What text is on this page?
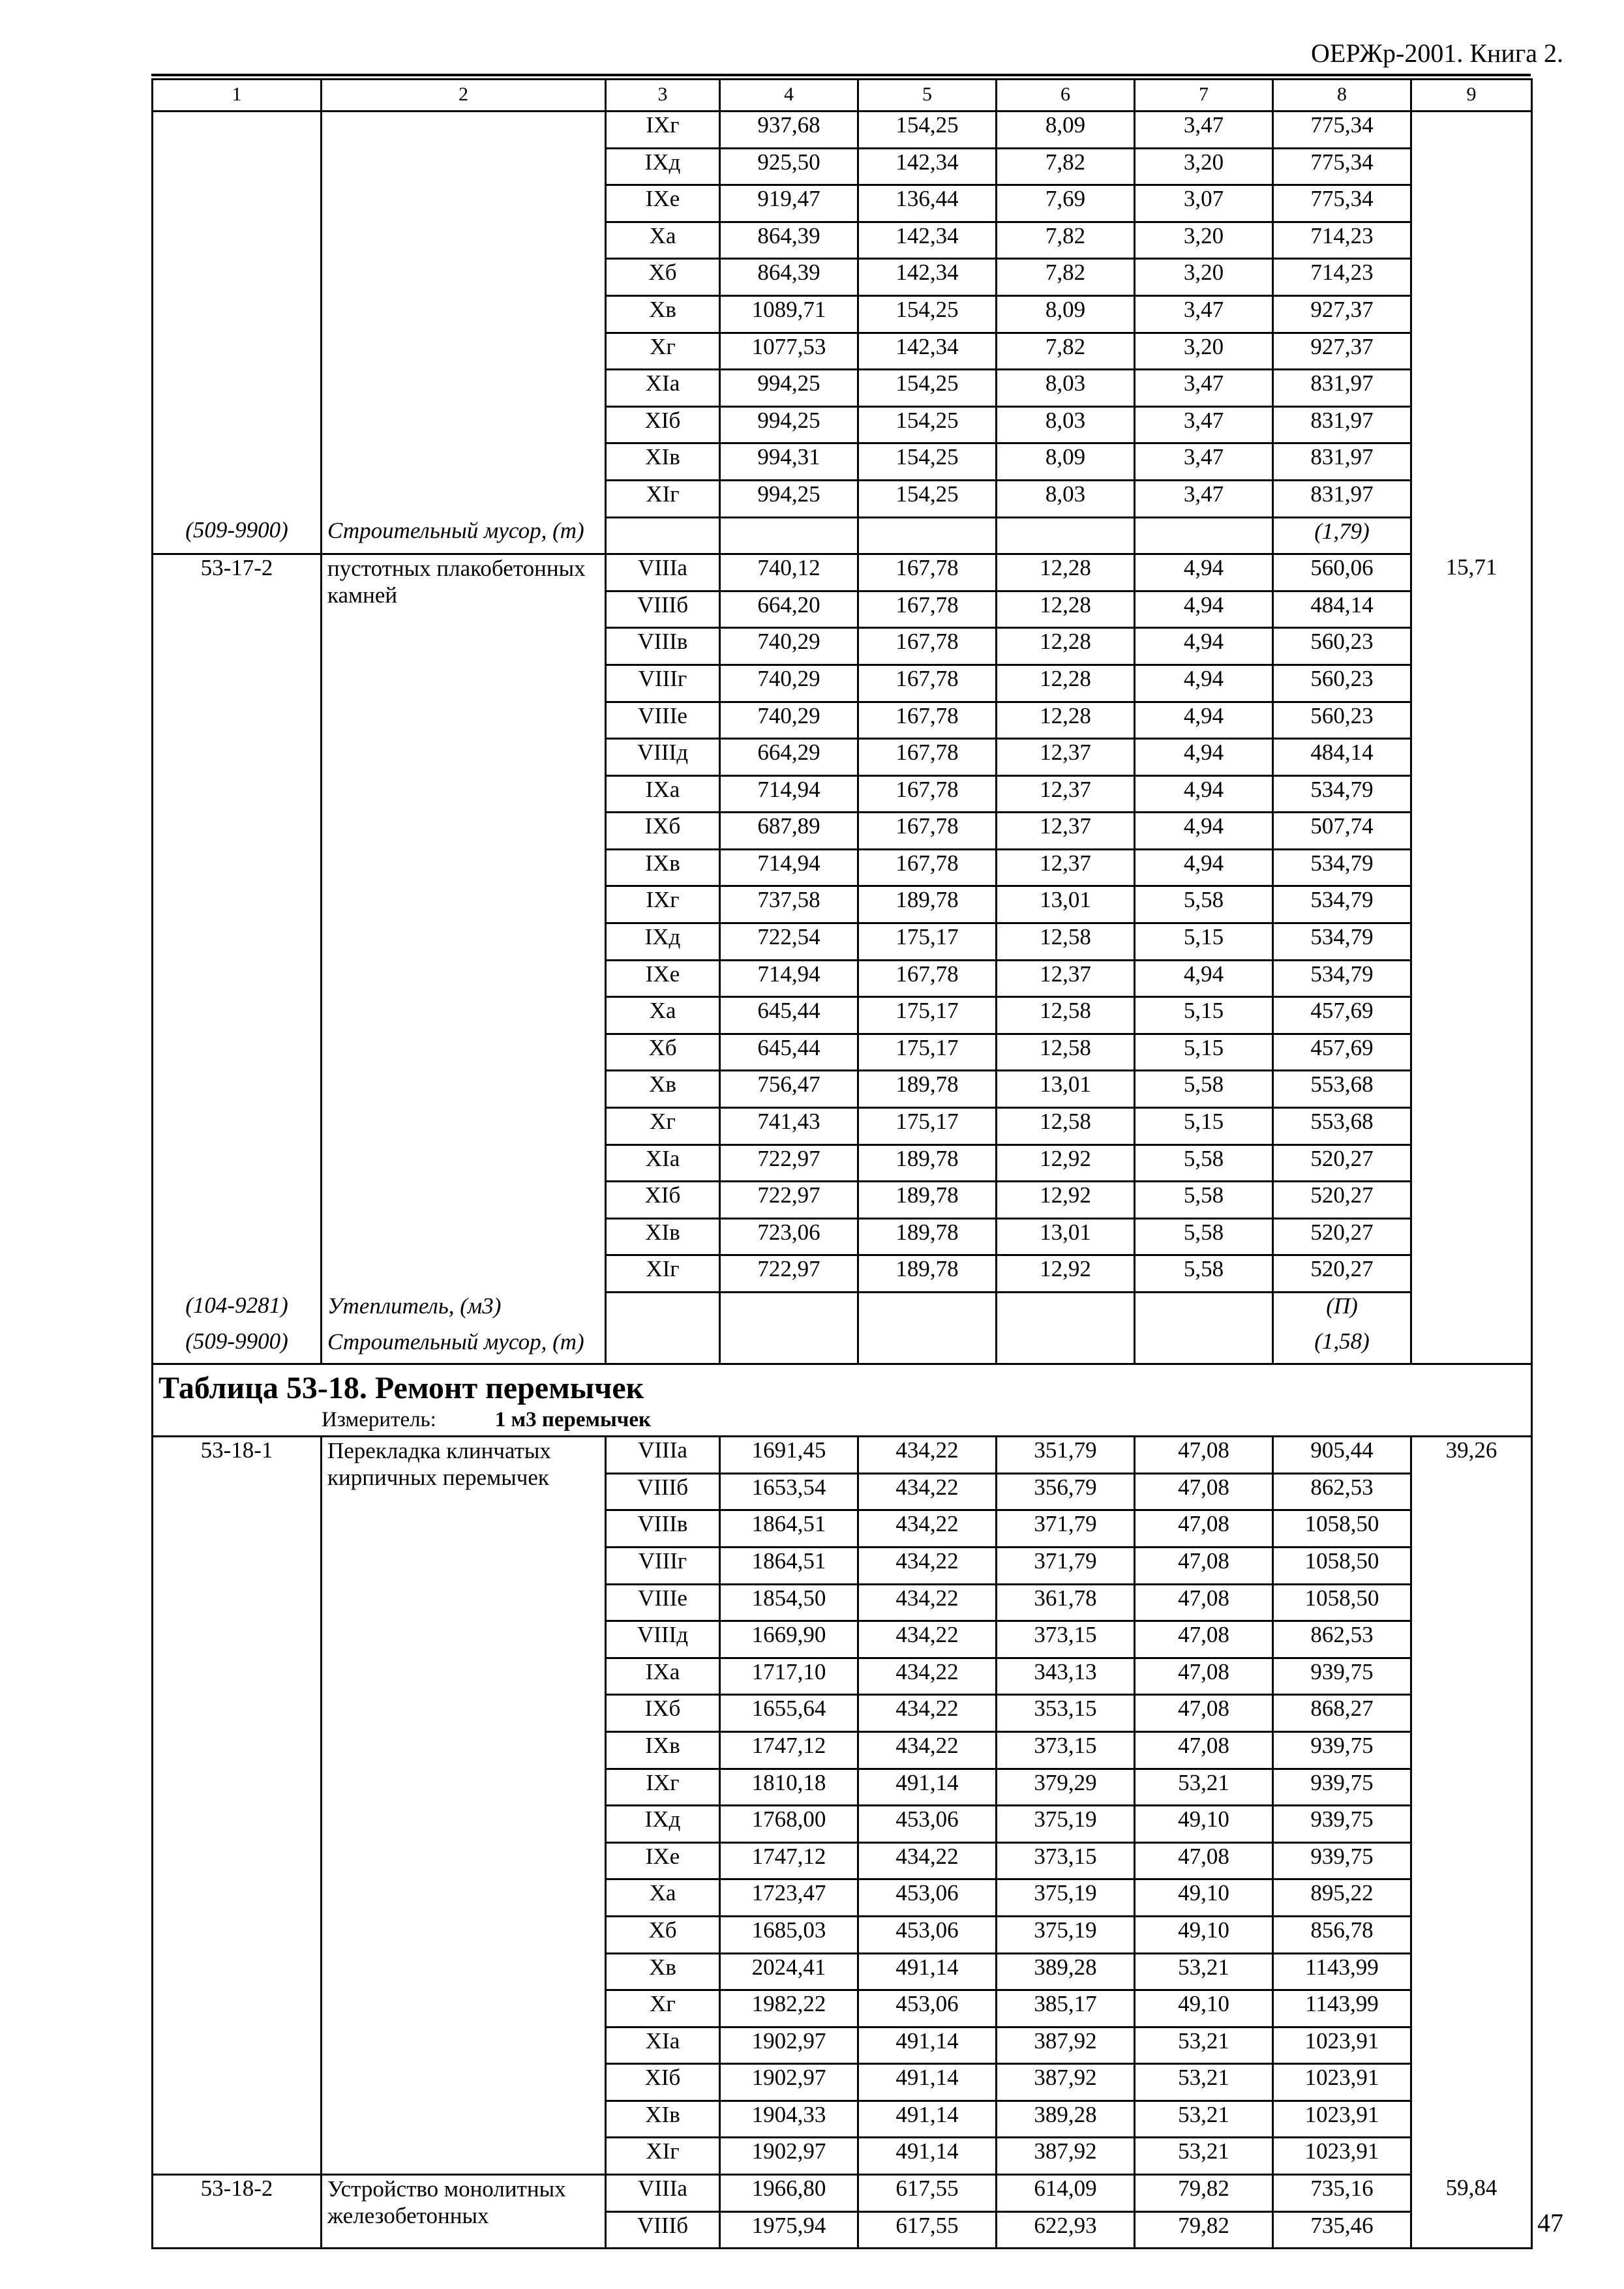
ОЕРЖр-2001. Книга 2.
1	2	3	4	5	6	7	8	9
		IXг	937,68	154,25	8,09	3,47	775,34	
		IXд	925,50	142,34	7,82	3,20	775,34	
		IXе	919,47	136,44	7,69	3,07	775,34	
		Xa	864,39	142,34	7,82	3,20	714,23	
		Xб	864,39	142,34	7,82	3,20	714,23	
		Xв	1089,71	154,25	8,09	3,47	927,37	
		Xг	1077,53	142,34	7,82	3,20	927,37	
		XIa	994,25	154,25	8,03	3,47	831,97	
		XIб	994,25	154,25	8,03	3,47	831,97	
		XIв	994,31	154,25	8,09	3,47	831,97	
		XIг	994,25	154,25	8,03	3,47	831,97	
(509-9900)	Строительный мусор, (т)						(1,79)	
53-17-2	пустотных плакобетонных камней	VIIIa	740,12	167,78	12,28	4,94	560,06	15,71
		VIIIб	664,20	167,78	12,28	4,94	484,14	
		VIIIв	740,29	167,78	12,28	4,94	560,23	
		VIIIг	740,29	167,78	12,28	4,94	560,23	
		VIIIе	740,29	167,78	12,28	4,94	560,23	
		VIIIд	664,29	167,78	12,37	4,94	484,14	
		IXa	714,94	167,78	12,37	4,94	534,79	
		IXб	687,89	167,78	12,37	4,94	507,74	
		IXв	714,94	167,78	12,37	4,94	534,79	
		IXг	737,58	189,78	13,01	5,58	534,79	
		IXд	722,54	175,17	12,58	5,15	534,79	
		IXе	714,94	167,78	12,37	4,94	534,79	
		Xa	645,44	175,17	12,58	5,15	457,69	
		Xб	645,44	175,17	12,58	5,15	457,69	
		Xв	756,47	189,78	13,01	5,58	553,68	
		Xг	741,43	175,17	12,58	5,15	553,68	
		XIa	722,97	189,78	12,92	5,58	520,27	
		XIб	722,97	189,78	12,92	5,58	520,27	
		XIв	723,06	189,78	13,01	5,58	520,27	
		XIг	722,97	189,78	12,92	5,58	520,27	
(104-9281)	Утеплитель, (м3)						(П)	
(509-9900)	Строительный мусор, (т)						(1,58)	

Таблица 53-18. Ремонт перемычек
Измеритель: 1 м3 перемычек								

53-18-1	Перекладка клинчатых кирпичных перемычек	VIIIa	1691,45	434,22	351,79	47,08	905,44	39,26
		VIIIб	1653,54	434,22	356,79	47,08	862,53	
		VIIIв	1864,51	434,22	371,79	47,08	1058,50	
		VIIIг	1864,51	434,22	371,79	47,08	1058,50	
		VIIIе	1854,50	434,22	361,78	47,08	1058,50	
		VIIIд	1669,90	434,22	373,15	47,08	862,53	
		IXa	1717,10	434,22	343,13	47,08	939,75	
		IXб	1655,64	434,22	353,15	47,08	868,27	
		IXв	1747,12	434,22	373,15	47,08	939,75	
		IXг	1810,18	491,14	379,29	53,21	939,75	
		IXд	1768,00	453,06	375,19	49,10	939,75	
		IXе	1747,12	434,22	373,15	47,08	939,75	
		Xa	1723,47	453,06	375,19	49,10	895,22	
		Xб	1685,03	453,06	375,19	49,10	856,78	
		Xв	2024,41	491,14	389,28	53,21	1143,99	
		Xг	1982,22	453,06	385,17	49,10	1143,99	
		XIa	1902,97	491,14	387,92	53,21	1023,91	
		XIб	1902,97	491,14	387,92	53,21	1023,91	
		XIв	1904,33	491,14	389,28	53,21	1023,91	
		XIг	1902,97	491,14	387,92	53,21	1023,91	
53-18-2	Устройство монолитных железобетонных	VIIIa	1966,80	617,55	614,09	79,82	735,16	59,84
		VIIIб	1975,94	617,55	622,93	79,82	735,46		47
